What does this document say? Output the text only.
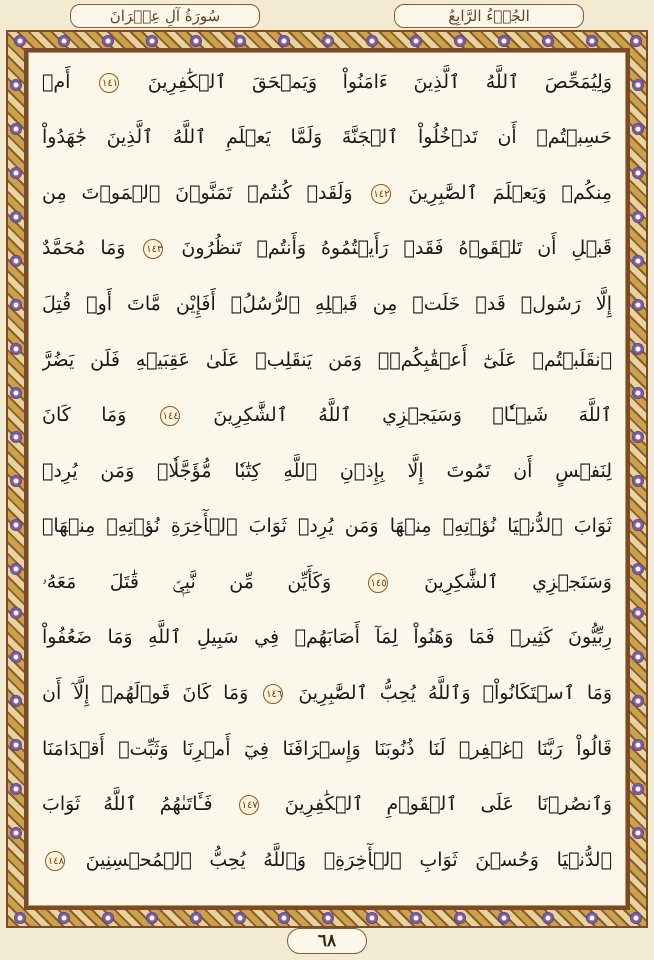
سُورَةُ آلِ عِمۡرَانَ	الجُزۡءُ الرَّابِعُ
وَلِيُمَحِّصَ ٱللَّهُ ٱلَّذِينَ ءَامَنُواْ وَيَمۡحَقَ ٱلۡكَٰفِرِينَ ١٤١ أَمۡ
حَسِبۡتُمۡ أَن تَدۡخُلُواْ ٱلۡجَنَّةَ وَلَمَّا يَعۡلَمِ ٱللَّهُ ٱلَّذِينَ جَٰهَدُواْ
مِنكُمۡ وَيَعۡلَمَ ٱلصَّٰبِرِينَ ١٤٢ وَلَقَدۡ كُنتُمۡ تَمَنَّوۡنَ ٱلۡمَوۡتَ مِن
قَبۡلِ أَن تَلۡقَوۡهُ فَقَدۡ رَأَيۡتُمُوهُ وَأَنتُمۡ تَنظُرُونَ ١٤٣ وَمَا مُحَمَّدٌ
إِلَّا رَسُولٞ قَدۡ خَلَتۡ مِن قَبۡلِهِ ٱلرُّسُلُۚ أَفَإِيْن مَّاتَ أَوۡ قُتِلَ
ٱنقَلَبۡتُمۡ عَلَىٰٓ أَعۡقَٰبِكُمۡۚ وَمَن يَنقَلِبۡ عَلَىٰ عَقِبَيۡهِ فَلَن يَضُرَّ
ٱللَّهَ شَيۡـٔٗاۗ وَسَيَجۡزِي ٱللَّهُ ٱلشَّٰكِرِينَ ١٤٤ وَمَا كَانَ
لِنَفۡسٍ أَن تَمُوتَ إِلَّا بِإِذۡنِ ٱللَّهِ كِتَٰبٗا مُّؤَجَّلٗاۗ وَمَن يُرِدۡ
ثَوَابَ ٱلدُّنۡيَا نُؤۡتِهِۦ مِنۡهَا وَمَن يُرِدۡ ثَوَابَ ٱلۡأٓخِرَةِ نُؤۡتِهِۦ مِنۡهَاۚ
وَسَنَجۡزِي ٱلشَّٰكِرِينَ ١٤٥ وَكَأَيِّن مِّن نَّبِيّٖ قَٰتَلَ مَعَهُۥ
رِبِّيُّونَ كَثِيرٞ فَمَا وَهَنُواْ لِمَآ أَصَابَهُمۡ فِي سَبِيلِ ٱللَّهِ وَمَا ضَعُفُواْ
وَمَا ٱسۡتَكَانُواْۗ وَٱللَّهُ يُحِبُّ ٱلصَّٰبِرِينَ ١٤٦ وَمَا كَانَ قَوۡلَهُمۡ إِلَّآ أَن
قَالُواْ رَبَّنَا ٱغۡفِرۡ لَنَا ذُنُوبَنَا وَإِسۡرَافَنَا فِيٓ أَمۡرِنَا وَثَبِّتۡ أَقۡدَامَنَا
وَٱنصُرۡنَا عَلَى ٱلۡقَوۡمِ ٱلۡكَٰفِرِينَ ١٤٧ فَـَٔاتَىٰهُمُ ٱللَّهُ ثَوَابَ
ٱلدُّنۡيَا وَحُسۡنَ ثَوَابِ ٱلۡأٓخِرَةِۗ وَٱللَّهُ يُحِبُّ ٱلۡمُحۡسِنِينَ ١٤٨
٦٨
